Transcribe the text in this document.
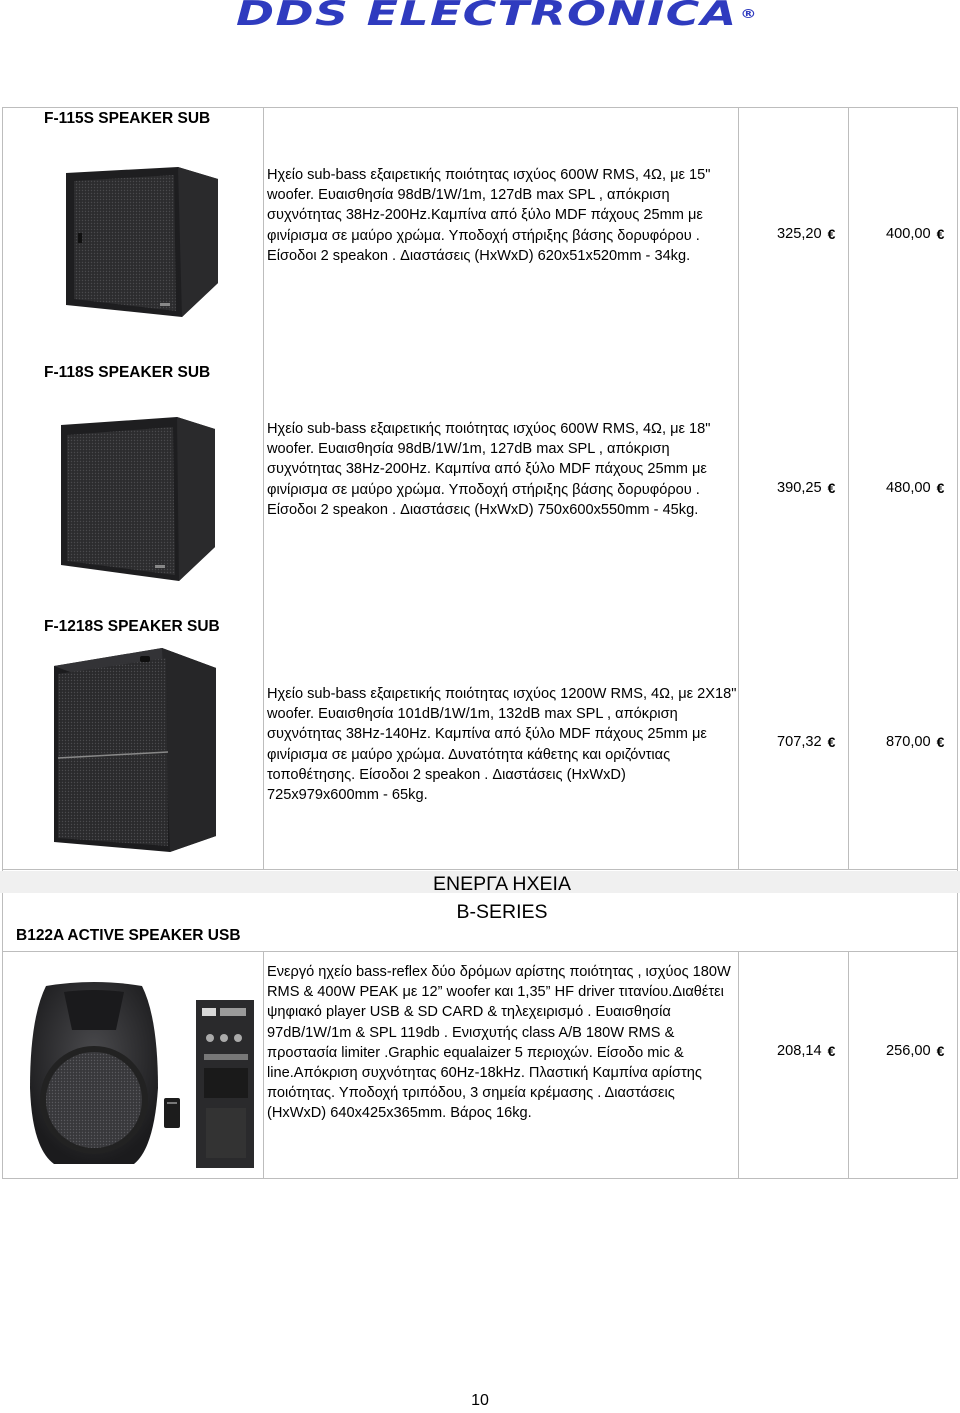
DDS ELECTRONICA ®
F-115S SPEAKER SUB
Ηχείο sub-bass εξαιρετικής ποιότητας ισχύος 600W RMS, 4Ω, με 15" woofer. Ευαισθησία 98dB/1W/1m, 127dB max SPL , απόκριση συχνότητας 38Hz-200Hz.Καμπίνα από ξύλο MDF πάχους 25mm με φινίρισμα σε μαύρο χρώμα. Υποδοχή στήριξης βάσης δορυφόρου . Είσοδοι 2 speakon . Διαστάσεις (HxWxD) 620x51x520mm - 34kg.
325,20 €	400,00 €
F-118S SPEAKER SUB
Ηχείο sub-bass εξαιρετικής ποιότητας ισχύος 600W RMS, 4Ω, με 18" woofer. Ευαισθησία 98dB/1W/1m, 127dB max SPL , απόκριση συχνότητας 38Hz-200Hz. Καμπίνα από ξύλο MDF πάχους 25mm με φινίρισμα σε μαύρο χρώμα. Υποδοχή στήριξης βάσης δορυφόρου . Είσοδοι 2 speakon . Διαστάσεις (HxWxD) 750x600x550mm - 45kg.
390,25 €	480,00 €
F-1218S SPEAKER SUB
Ηχείο sub-bass εξαιρετικής ποιότητας ισχύος 1200W RMS, 4Ω, με 2X18" woofer. Ευαισθησία 101dB/1W/1m, 132dB max SPL , απόκριση συχνότητας 38Hz-140Hz. Καμπίνα από ξύλο MDF πάχους 25mm με φινίρισμα σε μαύρο χρώμα. Δυνατότητα κάθετης και οριζόντιας τοποθέτησης. Είσοδοι 2 speakon . Διαστάσεις (HxWxD) 725x979x600mm - 65kg.
707,32 €	870,00 €
ΕΝΕΡΓΑ ΗΧΕΙΑ
B-SERIES
B122A ACTIVE SPEAKER USB
Ενεργό ηχείο bass-reflex δύο δρόμων αρίστης ποιότητας , ισχύος 180W RMS & 400W PEAK με 12” woofer και 1,35” HF driver τιτανίου.Διαθέτει ψηφιακό player USB & SD CARD & τηλεχειρισμό . Ευαισθησία 97dB/1W/1m & SPL 119db . Ενισχυτής class A/B 180W RMS & προστασία limiter .Graphic equalaizer 5 περιοχών. Είσοδο mic & line.Απόκριση συχνότητας 60Hz-18kHz. Πλαστική Καμπίνα αρίστης ποιότητας. Υποδοχή τριπόδου, 3 σημεία κρέμασης . Διαστάσεις (HxWxD) 640x425x365mm. Βάρος 16kg.
208,14 €	256,00 €
10
